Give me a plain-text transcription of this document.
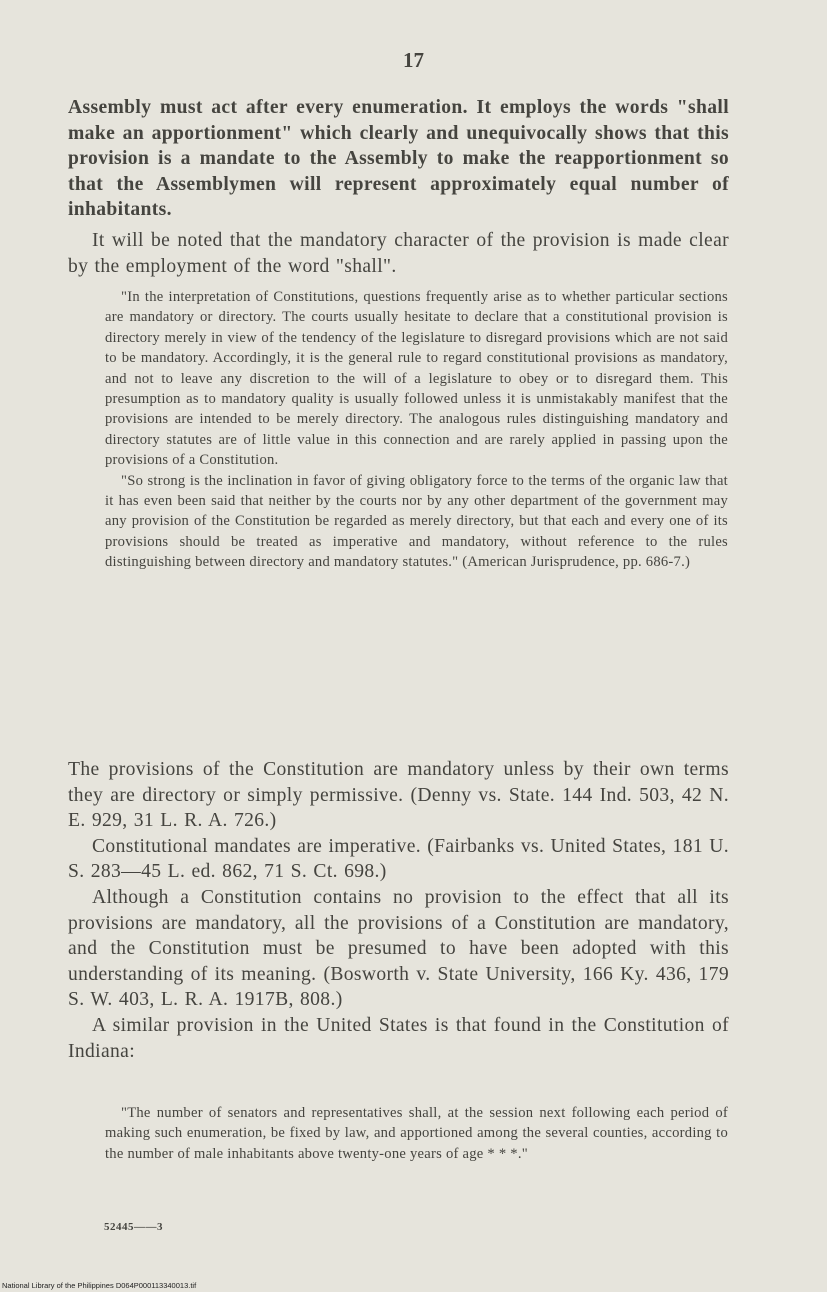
17

Assembly must act after every enumeration. It employs the words "shall make an apportionment" which clearly and unequivocally shows that this provision is a mandate to the Assembly to make the reapportionment so that the Assemblymen will represent approximately equal number of inhabitants.

It will be noted that the mandatory character of the provision is made clear by the employment of the word "shall".

"In the interpretation of Constitutions, questions frequently arise as to whether particular sections are mandatory or directory. The courts usually hesitate to declare that a constitutional provision is directory merely in view of the tendency of the legislature to disregard provisions which are not said to be mandatory. Accordingly, it is the general rule to regard constitutional provisions as mandatory, and not to leave any discretion to the will of a legislature to obey or to disregard them. This presumption as to mandatory quality is usually followed unless it is unmistakably manifest that the provisions are intended to be merely directory. The analogous rules distinguishing mandatory and directory statutes are of little value in this connection and are rarely applied in passing upon the provisions of a Constitution.

"So strong is the inclination in favor of giving obligatory force to the terms of the organic law that it has even been said that neither by the courts nor by any other department of the government may any provision of the Constitution be regarded as merely directory, but that each and every one of its provisions should be treated as imperative and mandatory, without reference to the rules distinguishing between directory and mandatory statutes." (American Jurisprudence, pp. 686-7.)

The provisions of the Constitution are mandatory unless by their own terms they are directory or simply permissive. (Denny vs. State. 144 Ind. 503, 42 N. E. 929, 31 L. R. A. 726.)

Constitutional mandates are imperative. (Fairbanks vs. United States, 181 U. S. 283—45 L. ed. 862, 71 S. Ct. 698.)

Although a Constitution contains no provision to the effect that all its provisions are mandatory, all the provisions of a Constitution are mandatory, and the Constitution must be presumed to have been adopted with this understanding of its meaning. (Bosworth v. State University, 166 Ky. 436, 179 S. W. 403, L. R. A. 1917B, 808.)

A similar provision in the United States is that found in the Constitution of Indiana:

"The number of senators and representatives shall, at the session next following each period of making such enumeration, be fixed by law, and apportioned among the several counties, according to the number of male inhabitants above twenty-one years of age * * *."

52445——3
National Library of the Philippines D064P000113340013.tif
